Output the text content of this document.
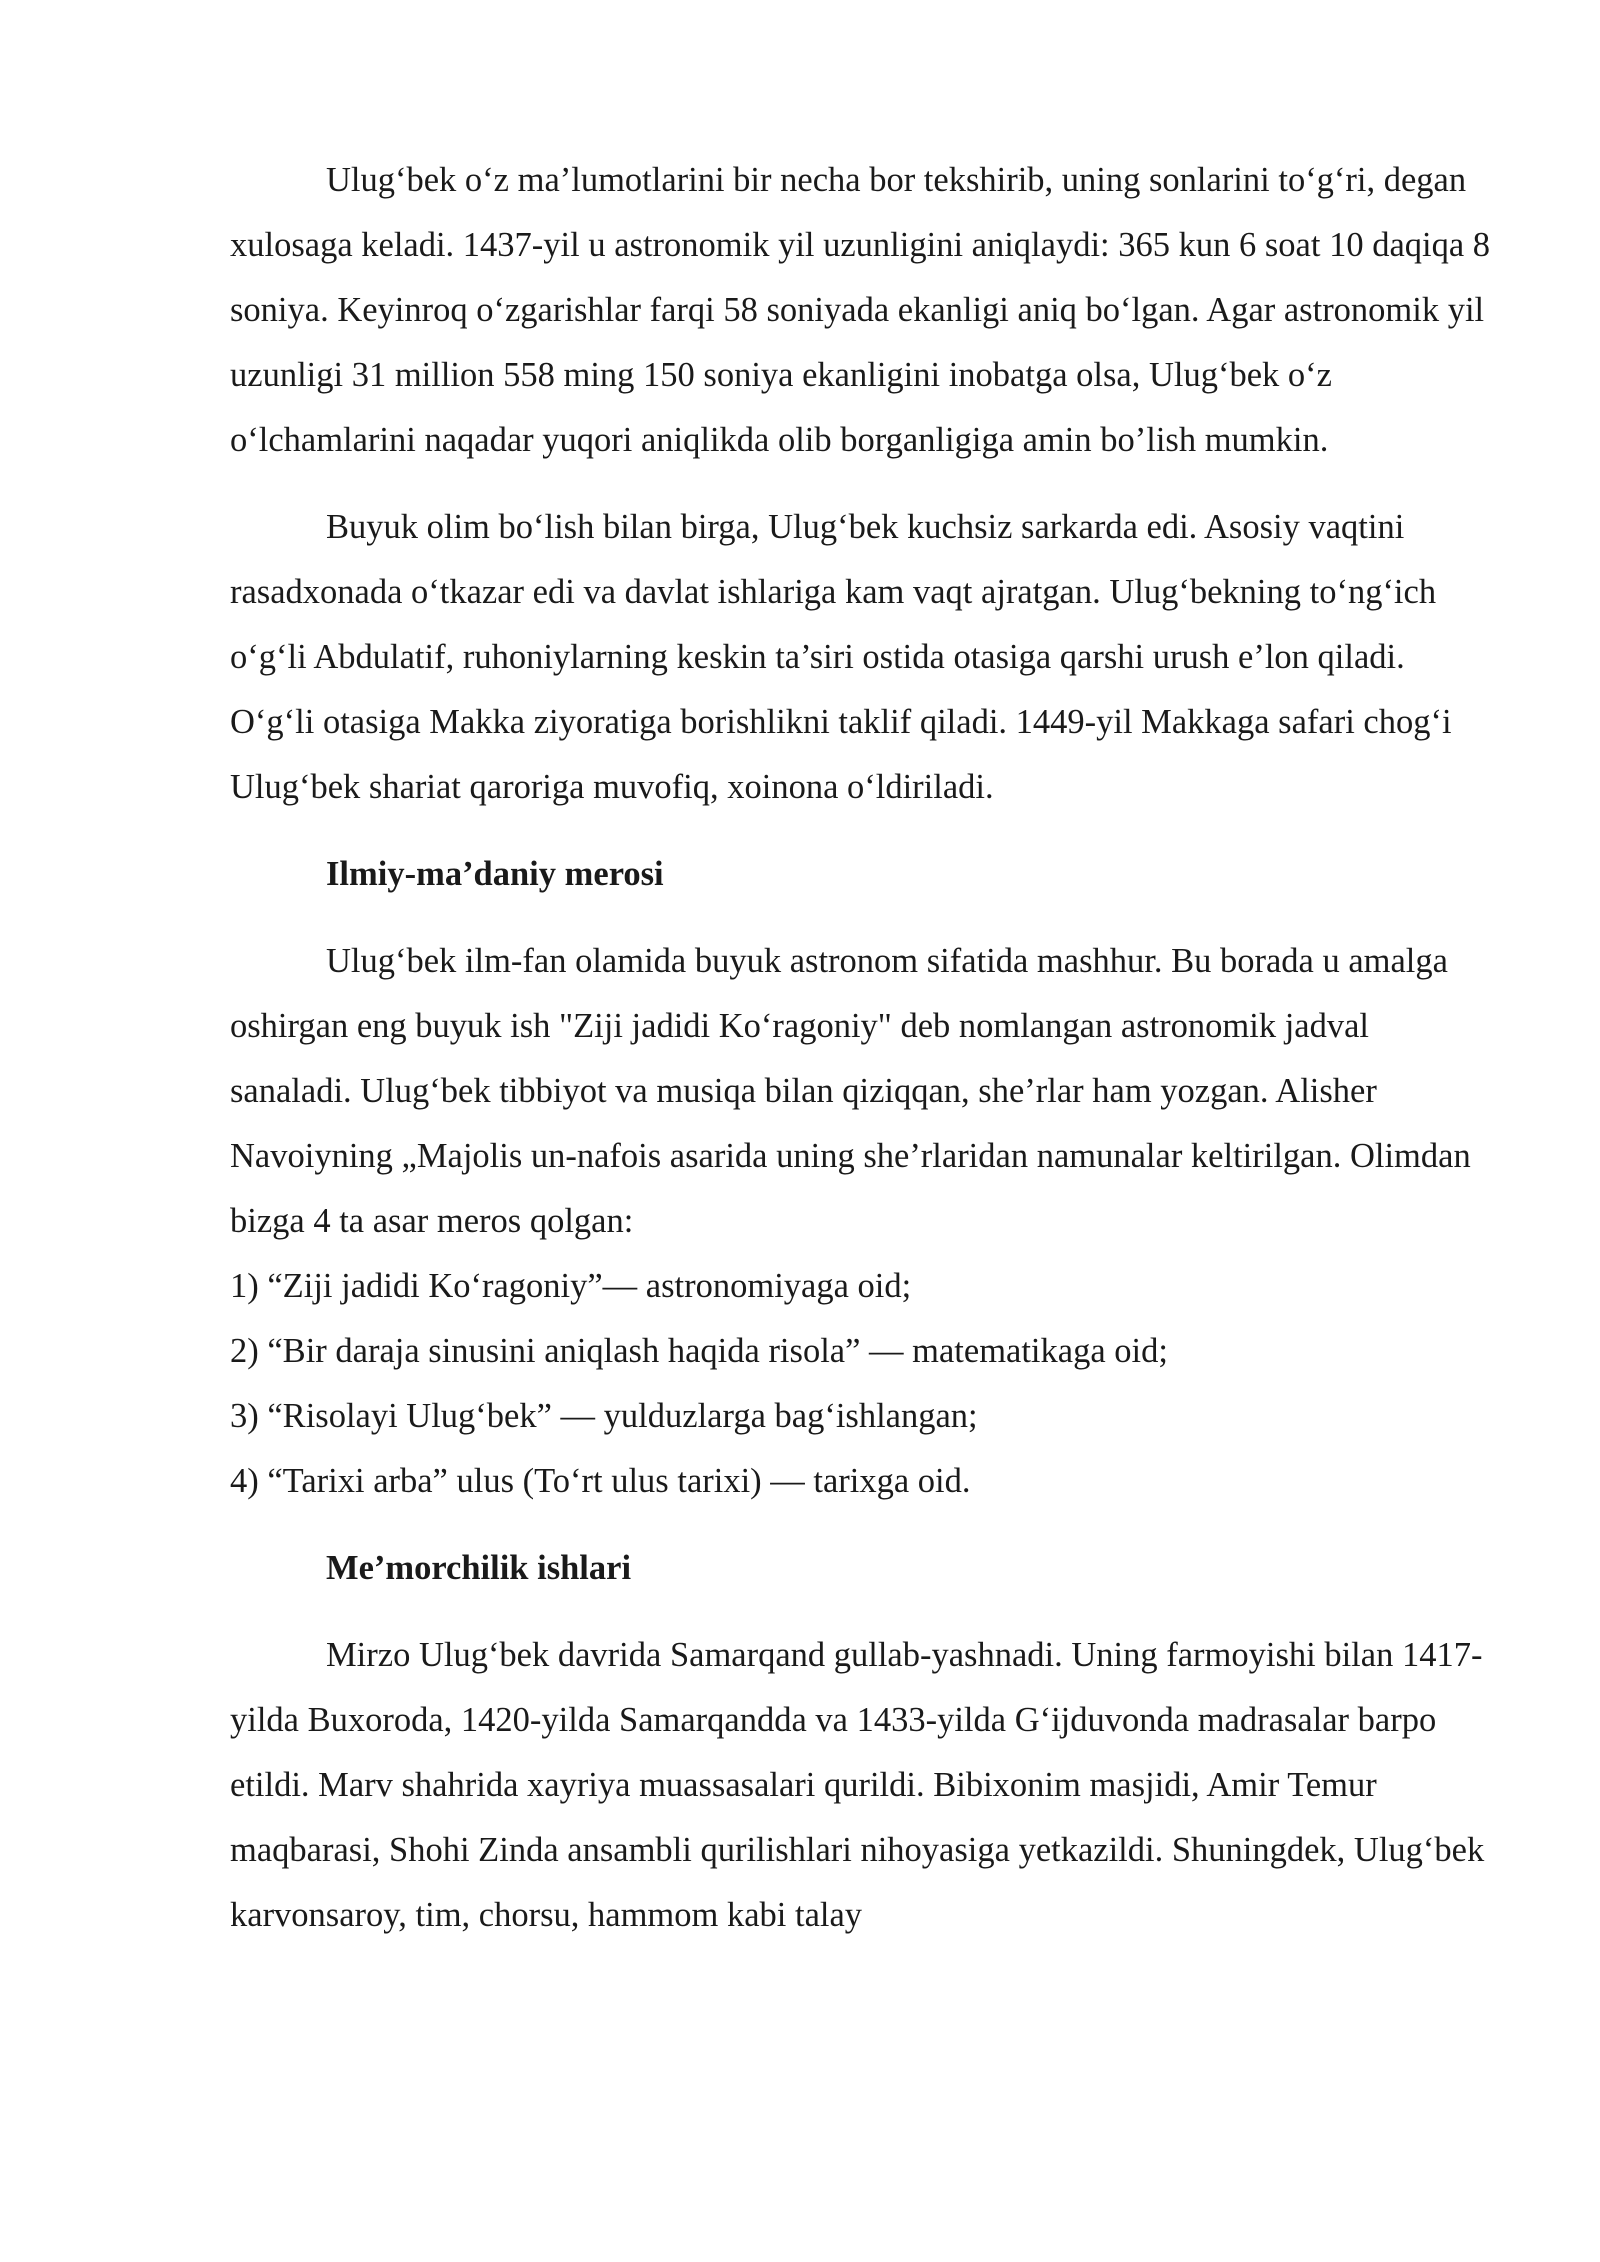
Ulug‘bek o‘z ma’lumotlarini bir necha bor tekshirib, uning sonlarini to‘g‘ri, degan xulosaga keladi. 1437-yil u astronomik yil uzunligini aniqlaydi: 365 kun 6 soat 10 daqiqa 8 soniya. Keyinroq o‘zgarishlar farqi 58 soniyada ekanligi aniq bo‘lgan. Agar astronomik yil uzunligi 31 million 558 ming 150 soniya ekanligini inobatga olsa, Ulug‘bek o‘z o‘lchamlarini naqadar yuqori aniqlikda olib borganligiga amin bo’lish mumkin.

Buyuk olim bo‘lish bilan birga, Ulug‘bek kuchsiz sarkarda edi. Asosiy vaqtini rasadxonada o‘tkazar edi va davlat ishlariga kam vaqt ajratgan. Ulug‘bekning to‘ng‘ich o‘g‘li Abdulatif, ruhoniylarning keskin ta’siri ostida otasiga qarshi urush e’lon qiladi. O‘g‘li otasiga Makka ziyoratiga borishlikni taklif qiladi. 1449-yil Makkaga safari chog‘i Ulug‘bek shariat qaroriga muvofiq, xoinona o‘ldiriladi.

Ilmiy-ma’daniy merosi

Ulug‘bek ilm-fan olamida buyuk astronom sifatida mashhur. Bu borada u amalga oshirgan eng buyuk ish "Ziji jadidi Ko‘ragoniy" deb nomlangan astronomik jadval sanaladi. Ulug‘bek tibbiyot va musiqa bilan qiziqqan, she’rlar ham yozgan. Alisher Navoiyning „Majolis un-nafois asarida uning she’rlaridan namunalar keltirilgan. Olimdan bizga 4 ta asar meros qolgan:

1) “Ziji jadidi Ko‘ragoniy”— astronomiyaga oid;
2) “Bir daraja sinusini aniqlash haqida risola” — matematikaga oid;
3) “Risolayi Ulug‘bek” — yulduzlarga bag‘ishlangan;
4) “Tarixi arba” ulus (To‘rt ulus tarixi) — tarixga oid.

Me’morchilik ishlari

Mirzo Ulug‘bek davrida Samarqand gullab-yashnadi. Uning farmoyishi bilan 1417-yilda Buxoroda, 1420-yilda Samarqandda va 1433-yilda G‘ijduvonda madrasalar barpo etildi. Marv shahrida xayriya muassasalari qurildi. Bibixonim masjidi, Amir Temur maqbarasi, Shohi Zinda ansambli qurilishlari nihoyasiga yetkazildi. Shuningdek, Ulug‘bek karvonsaroy, tim, chorsu, hammom kabi talay
